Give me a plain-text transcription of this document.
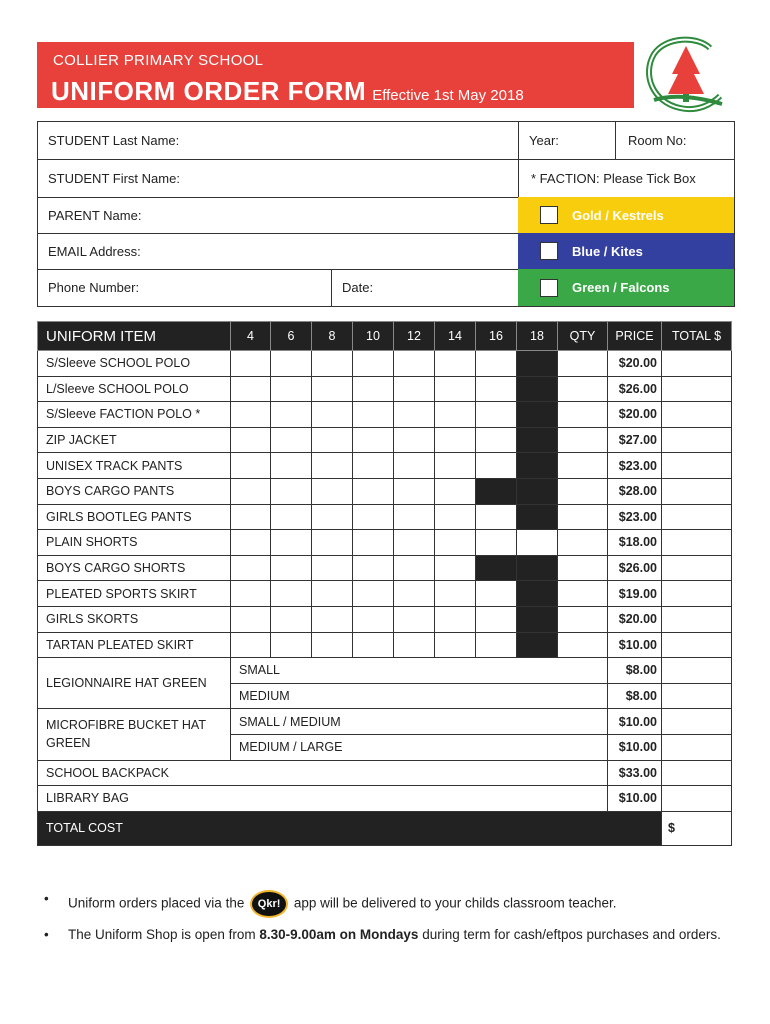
COLLIER PRIMARY SCHOOL
UNIFORM ORDER FORM Effective 1st May 2018
STUDENT Last Name:
STUDENT First Name:
PARENT Name:
EMAIL Address:
Phone Number:	Date:
Year:	Room No:
* FACTION: Please Tick Box
Gold / Kestrels
Blue / Kites
Green / Falcons
UNIFORM ITEM	4	6	8	10	12	14	16	18	QTY	PRICE	TOTAL $
S/Sleeve SCHOOL POLO										$20.00	
L/Sleeve SCHOOL POLO										$26.00	
S/Sleeve FACTION POLO *										$20.00	
ZIP JACKET										$27.00	
UNISEX TRACK PANTS										$23.00	
BOYS CARGO PANTS										$28.00	
GIRLS BOOTLEG PANTS										$23.00	
PLAIN SHORTS										$18.00	
BOYS CARGO SHORTS										$26.00	
PLEATED SPORTS SKIRT										$19.00	
GIRLS SKORTS										$20.00	
TARTAN PLEATED SKIRT										$10.00	
LEGIONNAIRE HAT GREEN	SMALL									$8.00	
	MEDIUM									$8.00	
MICROFIBRE BUCKET HAT GREEN	SMALL / MEDIUM									$10.00	
	MEDIUM / LARGE									$10.00	
SCHOOL BACKPACK										$33.00	
LIBRARY BAG										$10.00	
TOTAL COST											$
• Uniform orders placed via the Qkr! app will be delivered to your childs classroom teacher.
• The Uniform Shop is open from 8.30-9.00am on Mondays during term for cash/eftpos purchases and orders.
